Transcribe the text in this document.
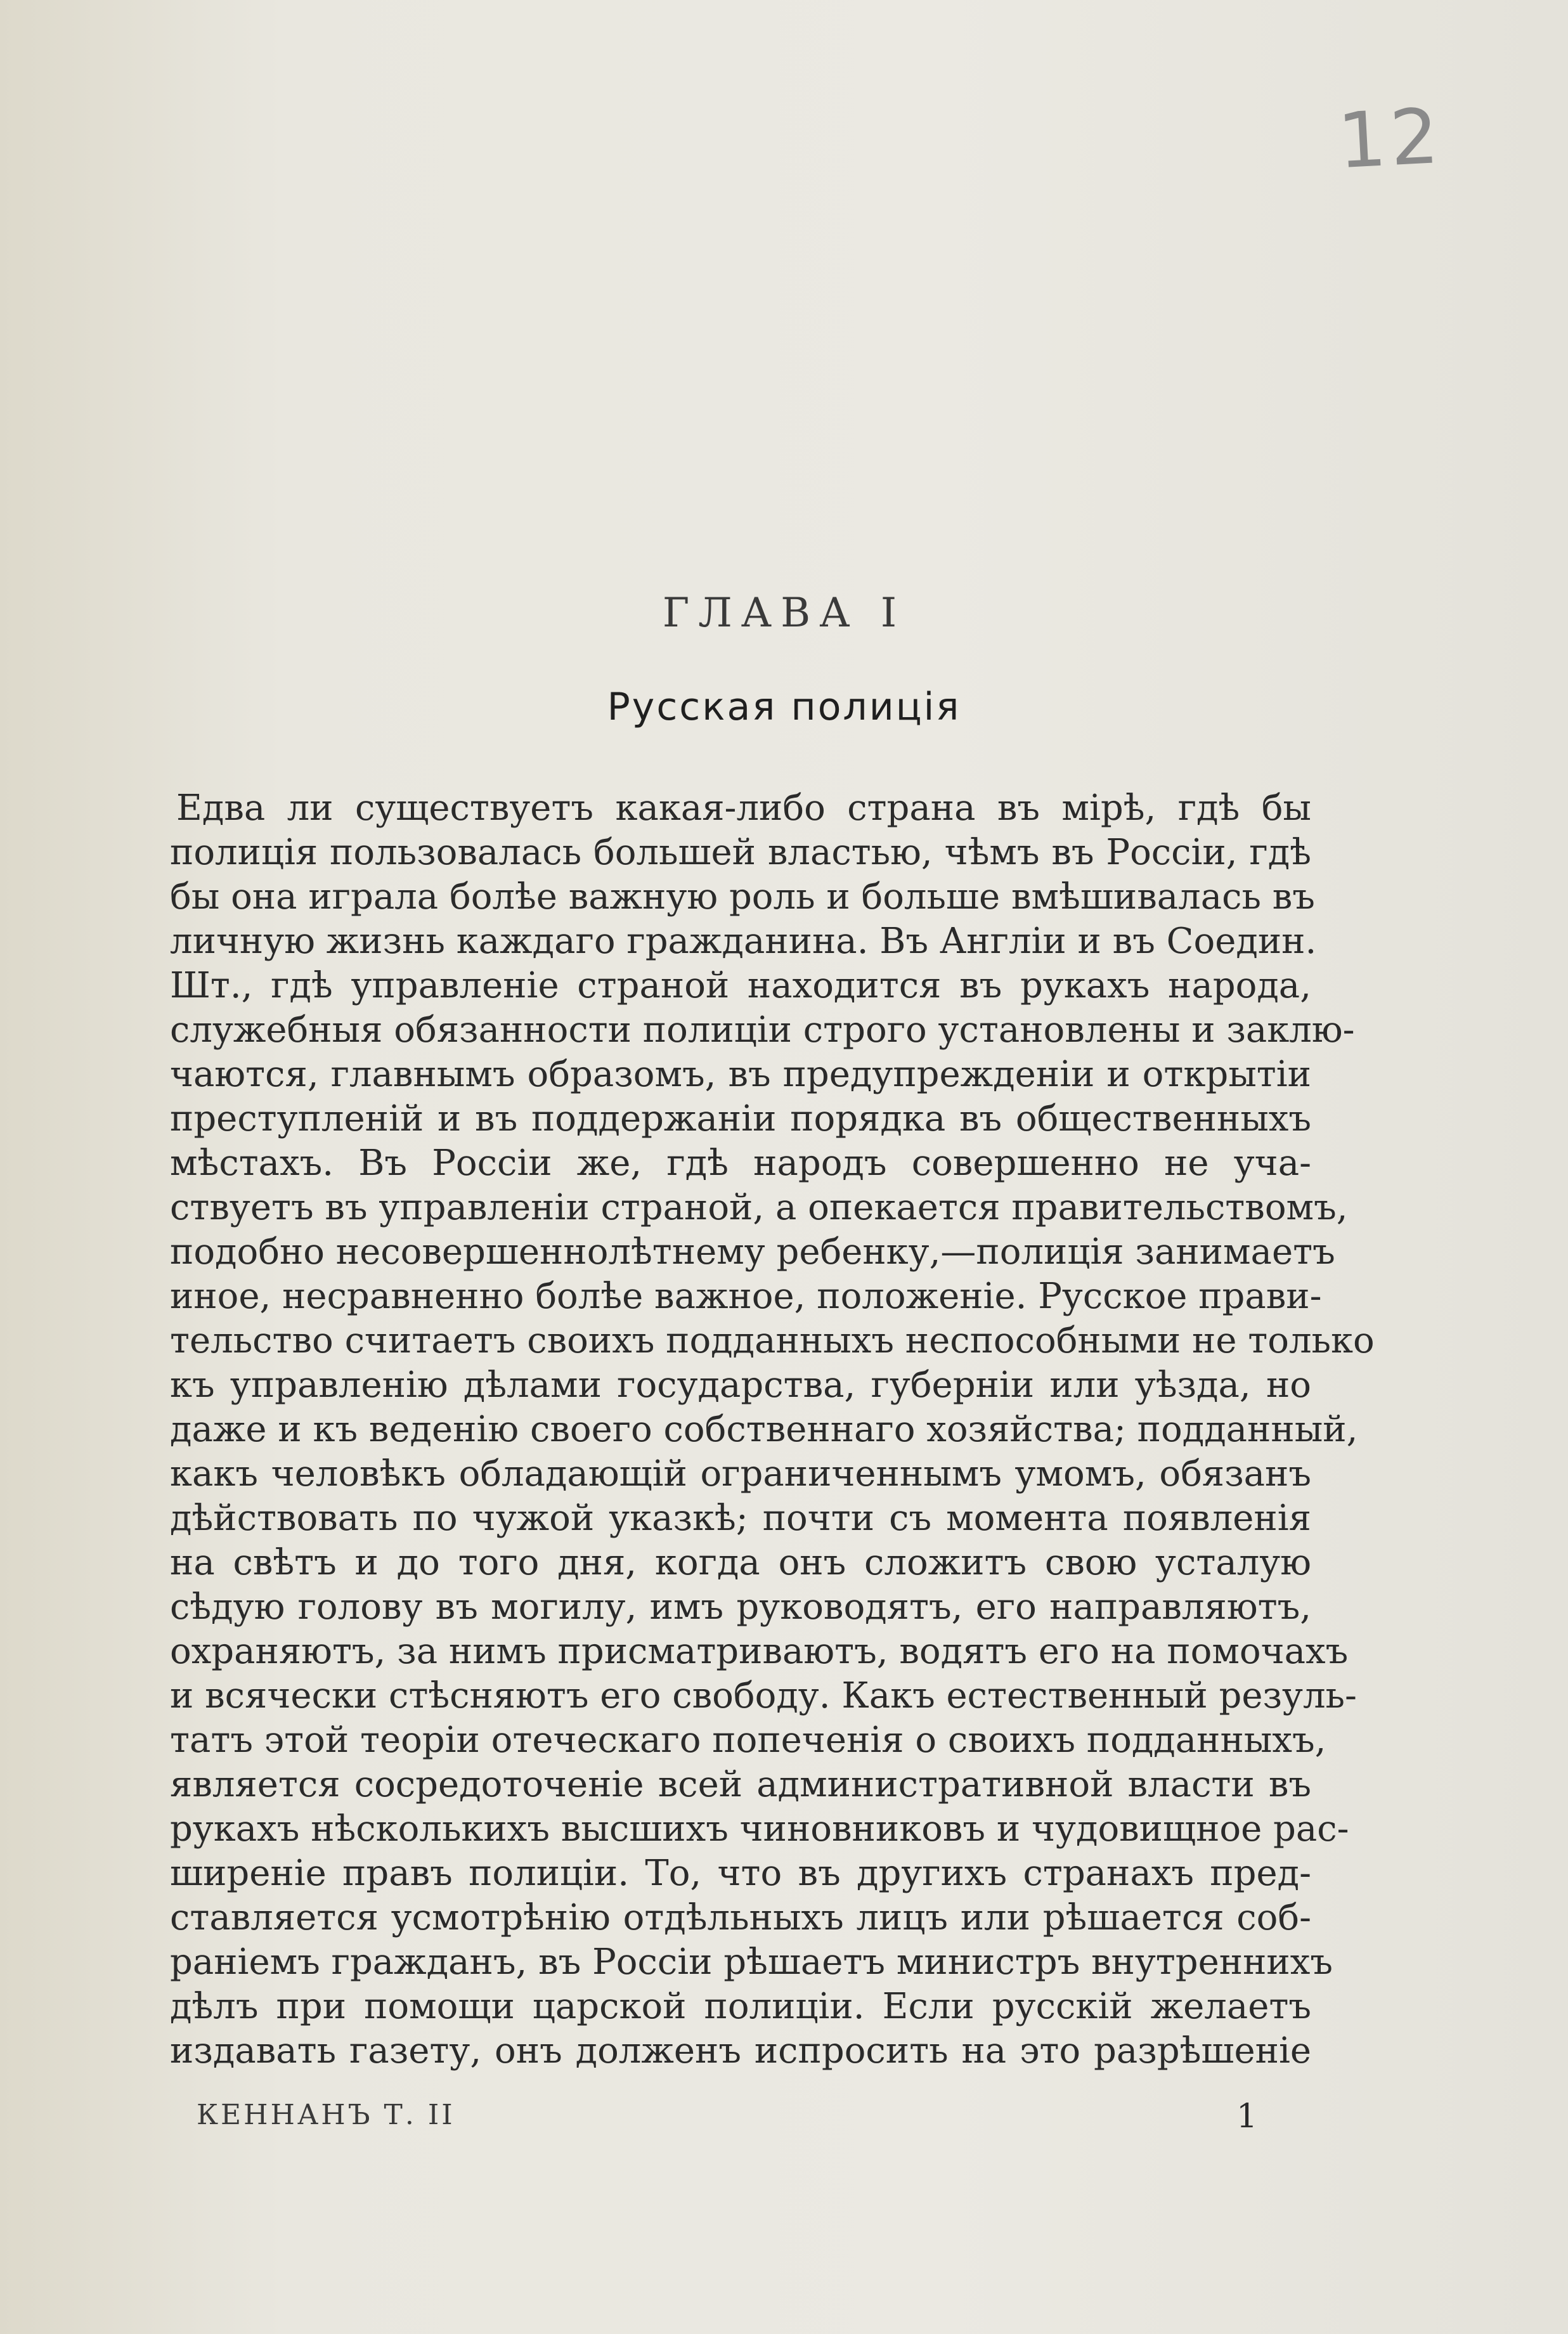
12
ГЛАВА I
Русская полиція
Едва ли существуетъ какая-либо страна въ мірѣ, гдѣ бы
полиція пользовалась большей властью, чѣмъ въ Россіи, гдѣ
бы она играла болѣе важную роль и больше вмѣшивалась въ
личную жизнь каждаго гражданина. Въ Англіи и въ Соедин.
Шт., гдѣ управленіе страной находится въ рукахъ народа,
служебныя обязанности полиціи строго установлены и заклю-
чаются, главнымъ образомъ, въ предупрежденіи и открытіи
преступленій и въ поддержаніи порядка въ общественныхъ
мѣстахъ. Въ Россіи же, гдѣ народъ совершенно не уча-
ствуетъ въ управленіи страной, а опекается правительствомъ,
подобно несовершеннолѣтнему ребенку,—полиція занимаетъ
иное, несравненно болѣе важное, положеніе. Русское прави-
тельство считаетъ своихъ подданныхъ неспособными не только
къ управленію дѣлами государства, губерніи или уѣзда, но
даже и къ веденію своего собственнаго хозяйства; подданный,
какъ человѣкъ обладающій ограниченнымъ умомъ, обязанъ
дѣйствовать по чужой указкѣ; почти съ момента появленія
на свѣтъ и до того дня, когда онъ сложитъ свою усталую
сѣдую голову въ могилу, имъ руководятъ, его направляютъ,
охраняютъ, за нимъ присматриваютъ, водятъ его на помочахъ
и всячески стѣсняютъ его свободу. Какъ естественный резуль-
татъ этой теоріи отеческаго попеченія о своихъ подданныхъ,
является сосредоточеніе всей административной власти въ
рукахъ нѣсколькихъ высшихъ чиновниковъ и чудовищное рас-
ширеніе правъ полиціи. То, что въ другихъ странахъ пред-
ставляется усмотрѣнію отдѣльныхъ лицъ или рѣшается соб-
раніемъ гражданъ, въ Россіи рѣшаетъ министръ внутреннихъ
дѣлъ при помощи царской полиціи. Если русскій желаетъ
издавать газету, онъ долженъ испросить на это разрѣшеніе
КЕННАНЪ Т. II	1
